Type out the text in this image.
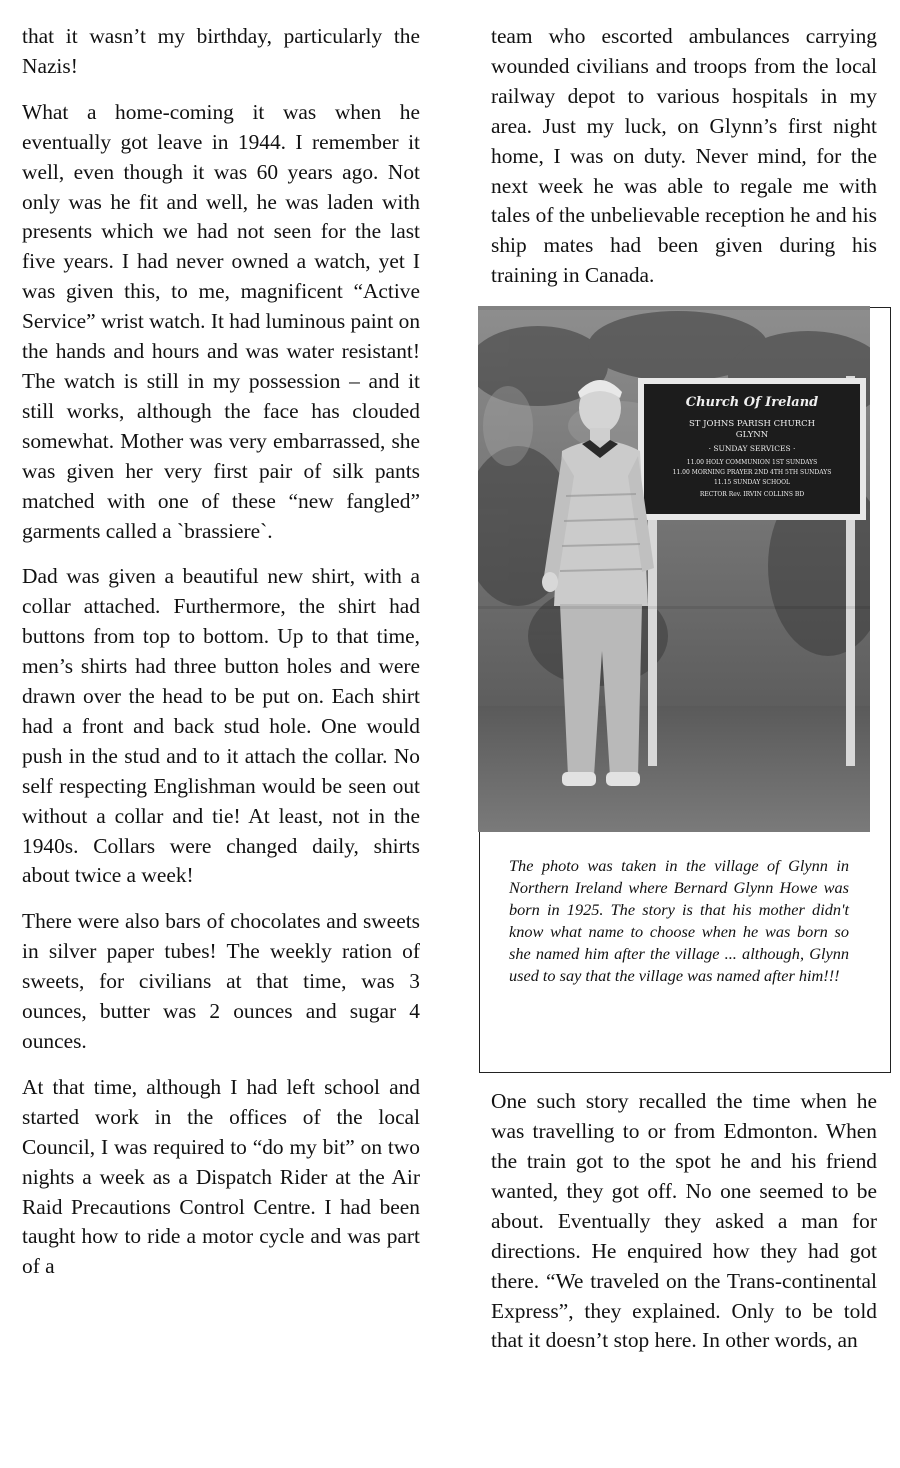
that it wasn’t my birthday, particularly the Nazis!

What a home-coming it was when he eventually got leave in 1944. I remember it well, even though it was 60 years ago. Not only was he fit and well, he was laden with presents which we had not seen for the last five years. I had never owned a watch, yet I was given this, to me, magnificent “Active Service” wrist watch. It had luminous paint on the hands and hours and was water resistant! The watch is still in my possession – and it still works, although the face has clouded somewhat. Mother was very embarrassed, she was given her very first pair of silk pants matched with one of these “new fangled” garments called a `brassiere`.

Dad was given a beautiful new shirt, with a collar attached. Furthermore, the shirt had buttons from top to bottom. Up to that time, men’s shirts had three button holes and were drawn over the head to be put on. Each shirt had a front and back stud hole. One would push in the stud and to it attach the collar. No self respecting Englishman would be seen out without a collar and tie! At least, not in the 1940s. Collars were changed daily, shirts about twice a week!

There were also bars of chocolates and sweets in silver paper tubes! The weekly ration of sweets, for civilians at that time, was 3 ounces, butter was 2 ounces and sugar 4 ounces.

At that time, although I had left school and started work in the offices of the local Council, I was required to “do my bit” on two nights a week as a Dispatch Rider at the Air Raid Precautions Control Centre. I had been taught how to ride a motor cycle and was part of a

team who escorted ambulances carrying wounded civilians and troops from the local railway depot to various hospitals in my area. Just my luck, on Glynn’s first night home, I was on duty. Never mind, for the next week he was able to regale me with tales of the unbelievable reception he and his ship mates had been given during his training in Canada.

Church Of Ireland
ST JOHNS PARISH CHURCH
GLYNN
· SUNDAY SERVICES ·
11.00 HOLY COMMUNION 1ST SUNDAYS
11.00 MORNING PRAYER 2ND 4TH 5TH SUNDAYS
11.15 SUNDAY SCHOOL
RECTOR Rev. IRVIN COLLINS BD
The photo was taken in the village of Glynn in Northern Ireland where Bernard Glynn Howe was born in 1925. The story is that his mother didn't know what name to choose when he was born so she named him after the village ... although, Glynn used to say that the village was named after him!!!

One such story recalled the time when he was travelling to or from Edmonton. When the train got to the spot he and his friend wanted, they got off. No one seemed to be about. Eventually they asked a man for directions. He enquired how they had got there. “We traveled on the Trans-continental Express”, they explained. Only to be told that it doesn’t stop here. In other words, an
